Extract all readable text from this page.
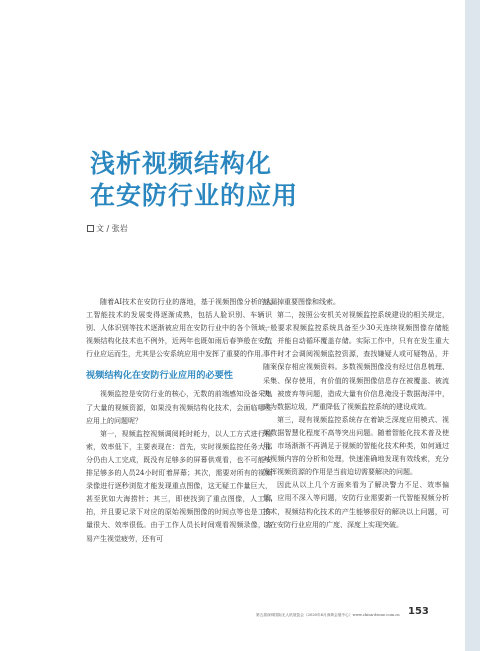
浅析视频结构化
在安防行业的应用
文 / 张岩

随着AI技术在安防行业的落地，基于视频图像分析的人工智能技术的发展变得逐渐成熟，包括人脸识别、车辆识别、人体识别等技术逐渐被应用在安防行业中的各个领域，视频结构化技术也不例外，近两年也既如雨后春笋般在安防行业应运而生，尤其是公安系统应用中发挥了重要的作用。

视频结构化在安防行业应用的必要性

视频监控是安防行业的核心，无数的前端感知设备采集了大量的视频资源，如果没有视频结构化技术，会面临哪些应用上的问题呢？

第一，视频监控视频调阅耗时耗力，以人工方式进行检索，效率低下，主要表现在：首先，实时视频监控任务大部分仍由人工完成，既没有足够多的屏幕供观看，也不可能安排足够多的人员24小时盯着屏幕；其次，需要对所有的视频录像进行逐秒浏览才能发现重点图像，这无疑工作量巨大，甚至犹如大海捞针；其三，即使找到了重点图像，人工抓拍，并且要记录下对应的原始视频图像的时间点等也是工作量很大、效率很低。由于工作人员长时间观看视频录像，容易产生视觉疲劳，还有可

能漏掉重要图像和线索。

第二，按照公安机关对视频监控系统建设的相关规定，一般要求视频监控系统具备至少30天连续视频图像存储能力，并能自动循环覆盖存储。实际工作中，只有在发生重大事件时才会调阅视频监控资源，查找嫌疑人或可疑物品，并随案保存相应视频资料。多数视频图像没有经过信息梳理、采集、保存使用，有价值的视频图像信息存在被覆盖、被流失、被废弃等问题，造成大量有价信息淹没于数据海洋中，成为数据垃圾，严重降低了视频监控系统的建设成效。

第三，现有视频监控系统存在着缺乏深度应用模式、视频数据智慧化程度不高等突出问题。随着智能化技术普及使用，市场渐渐不再满足于视频的智能化技术种类，如何通过对视频内容的分析和处理，快速准确地发现有效线索，充分发挥视频资源的作用是当前迫切需要解决的问题。

因此从以上几个方面来看为了解决警力不足、效率偏低、应用不深入等问题，安防行业需要新一代智能视频分析技术，视频结构化技术的产生能够很好的解决以上问题，可以在安防行业应用的广度、深度上实现突破。

第五届深圳国际无人机展览会（2020年6月深圳会展中心）www.china-drone.com.cn 153
